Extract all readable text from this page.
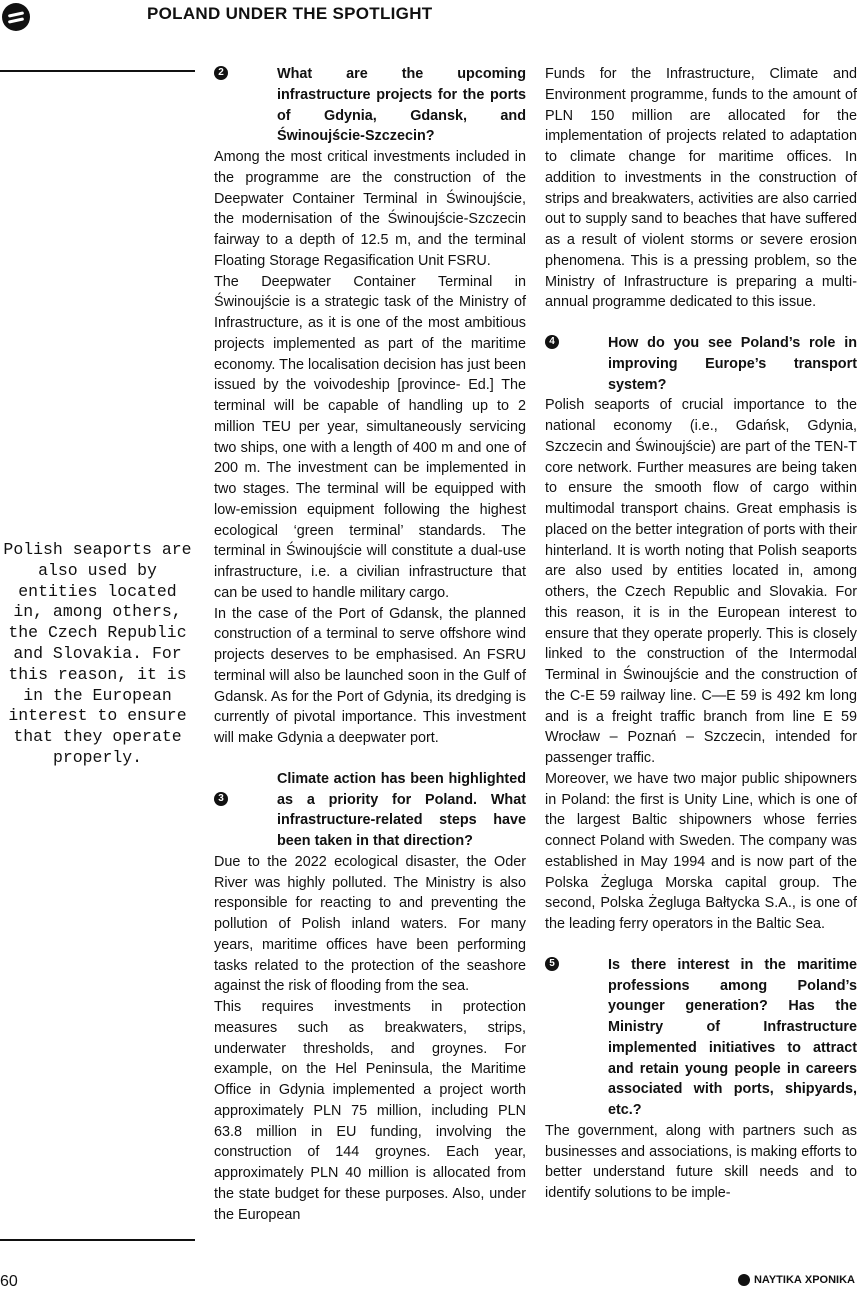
POLAND UNDER THE SPOTLIGHT
Polish seaports are also used by entities located in, among others, the Czech Republic and Slovakia. For this reason, it is in the European interest to ensure that they operate properly.
2	What are the upcoming infrastructure projects for the ports of Gdynia, Gdansk, and Świnoujście-Szczecin?

Among the most critical investments included in the programme are the construction of the Deepwater Container Terminal in Świnoujście, the modernisation of the Świnoujście-Szczecin fairway to a depth of 12.5 m, and the terminal Floating Storage Regasification Unit FSRU.

The Deepwater Container Terminal in Świnoujście is a strategic task of the Ministry of Infrastructure, as it is one of the most ambitious projects implemented as part of the maritime economy. The localisation decision has just been issued by the voivodeship [province- Ed.] The terminal will be capable of handling up to 2 million TEU per year, simultaneously servicing two ships, one with a length of 400 m and one of 200 m. The investment can be implemented in two stages. The terminal will be equipped with low-emission equipment following the highest ecological ‘green terminal’ standards. The terminal in Świnoujście will constitute a dual-use infrastructure, i.e. a civilian infrastructure that can be used to handle military cargo.

In the case of the Port of Gdansk, the planned construction of a terminal to serve offshore wind projects deserves to be emphasised. An FSRU terminal will also be launched soon in the Gulf of Gdansk. As for the Port of Gdynia, its dredging is currently of pivotal importance. This investment will make Gdynia a deepwater port.

3
Climate action has been highlighted as a priority for Poland. What infrastructure-related steps have been taken in that direction?

Due to the 2022 ecological disaster, the Oder River was highly polluted. The Ministry is also responsible for reacting to and preventing the pollution of Polish inland waters. For many years, maritime offices have been performing tasks related to the protection of the seashore against the risk of flooding from the sea.

This requires investments in protection measures such as breakwaters, strips, underwater thresholds, and groynes. For example, on the Hel Peninsula, the Maritime Office in Gdynia implemented a project worth approximately PLN 75 million, including PLN 63.8 million in EU funding, involving the construction of 144 groynes. Each year, approximately PLN 40 million is allocated from the state budget for these purposes. Also, under the European

Funds for the Infrastructure, Climate and Environment programme, funds to the amount of PLN 150 million are allocated for the implementation of projects related to adaptation to climate change for maritime offices. In addition to investments in the construction of strips and breakwaters, activities are also carried out to supply sand to beaches that have suffered as a result of violent storms or severe erosion phenomena. This is a pressing problem, so the Ministry of Infrastructure is preparing a multi-annual programme dedicated to this issue.

4	How do you see Poland’s role in improving Europe’s transport system?

Polish seaports of crucial importance to the national economy (i.e., Gdańsk, Gdynia, Szczecin and Świnoujście) are part of the TEN-T core network. Further measures are being taken to ensure the smooth flow of cargo within multimodal transport chains. Great emphasis is placed on the better integration of ports with their hinterland. It is worth noting that Polish seaports are also used by entities located in, among others, the Czech Republic and Slovakia. For this reason, it is in the European interest to ensure that they operate properly. This is closely linked to the construction of the Intermodal Terminal in Świnoujście and the construction of the C-E 59 railway line. C—E 59 is 492 km long and is a freight traffic branch from line E 59 Wrocław – Poznań – Szczecin, intended for passenger traffic.

Moreover, we have two major public shipowners in Poland: the first is Unity Line, which is one of the largest Baltic shipowners whose ferries connect Poland with Sweden. The company was established in May 1994 and is now part of the Polska Żegluga Morska capital group. The second, Polska Żegluga Bałtycka S.A., is one of the leading ferry operators in the Baltic Sea.

5	Is there interest in the maritime professions among Poland’s younger generation? Has the Ministry of Infrastructure implemented initiatives to attract and retain young people in careers associated with ports, shipyards, etc.?

The government, along with partners such as businesses and associations, is making efforts to better understand future skill needs and to identify solutions to be imple-

60	ΝΑΥΤΙΚΑ ΧΡΟΝΙΚΑ
